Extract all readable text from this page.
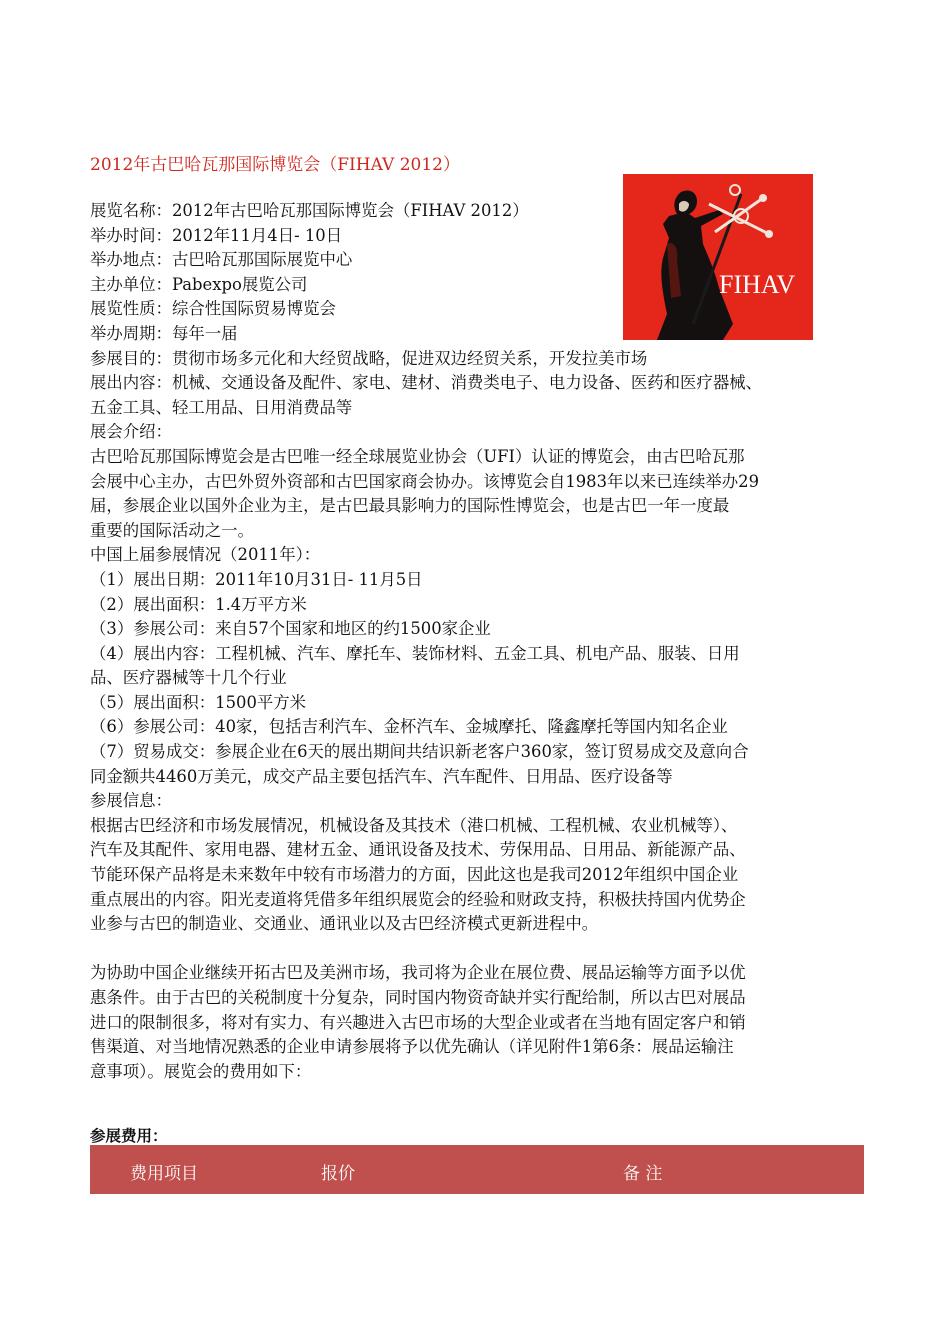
2012年古巴哈瓦那国际博览会（FIHAV 2012）
FIHAV
展览名称：2012年古巴哈瓦那国际博览会（FIHAV 2012）
举办时间：2012年11月4日- 10日
举办地点：古巴哈瓦那国际展览中心
主办单位：Pabexpo展览公司
展览性质：综合性国际贸易博览会
举办周期：每年一届
参展目的：贯彻市场多元化和大经贸战略，促进双边经贸关系，开发拉美市场
展出内容：机械、交通设备及配件、家电、建材、消费类电子、电力设备、医药和医疗器械、
五金工具、轻工用品、日用消费品等
展会介绍：
古巴哈瓦那国际博览会是古巴唯一经全球展览业协会（UFI）认证的博览会，由古巴哈瓦那
会展中心主办，古巴外贸外资部和古巴国家商会协办。该博览会自1983年以来已连续举办29
届，参展企业以国外企业为主，是古巴最具影响力的国际性博览会，也是古巴一年一度最
重要的国际活动之一。
中国上届参展情况（2011年）：
（1）展出日期：2011年10月31日- 11月5日
（2）展出面积：1.4万平方米
（3）参展公司：来自57个国家和地区的约1500家企业
（4）展出内容：工程机械、汽车、摩托车、装饰材料、五金工具、机电产品、服装、日用
品、医疗器械等十几个行业
（5）展出面积：1500平方米
（6）参展公司：40家，包括吉利汽车、金杯汽车、金城摩托、隆鑫摩托等国内知名企业
（7）贸易成交：参展企业在6天的展出期间共结识新老客户360家，签订贸易成交及意向合
同金额共4460万美元，成交产品主要包括汽车、汽车配件、日用品、医疗设备等
参展信息：
根据古巴经济和市场发展情况，机械设备及其技术（港口机械、工程机械、农业机械等）、
汽车及其配件、家用电器、建材五金、通讯设备及技术、劳保用品、日用品、新能源产品、
节能环保产品将是未来数年中较有市场潜力的方面，因此这也是我司2012年组织中国企业
重点展出的内容。阳光麦道将凭借多年组织展览会的经验和财政支持，积极扶持国内优势企
业参与古巴的制造业、交通业、通讯业以及古巴经济模式更新进程中。
为协助中国企业继续开拓古巴及美洲市场，我司将为企业在展位费、展品运输等方面予以优
惠条件。由于古巴的关税制度十分复杂，同时国内物资奇缺并实行配给制，所以古巴对展品
进口的限制很多，将对有实力、有兴趣进入古巴市场的大型企业或者在当地有固定客户和销
售渠道、对当地情况熟悉的企业申请参展将予以优先确认（详见附件1第6条：展品运输注
意事项）。展览会的费用如下：
参展费用：
费用项目	报价	备 注
